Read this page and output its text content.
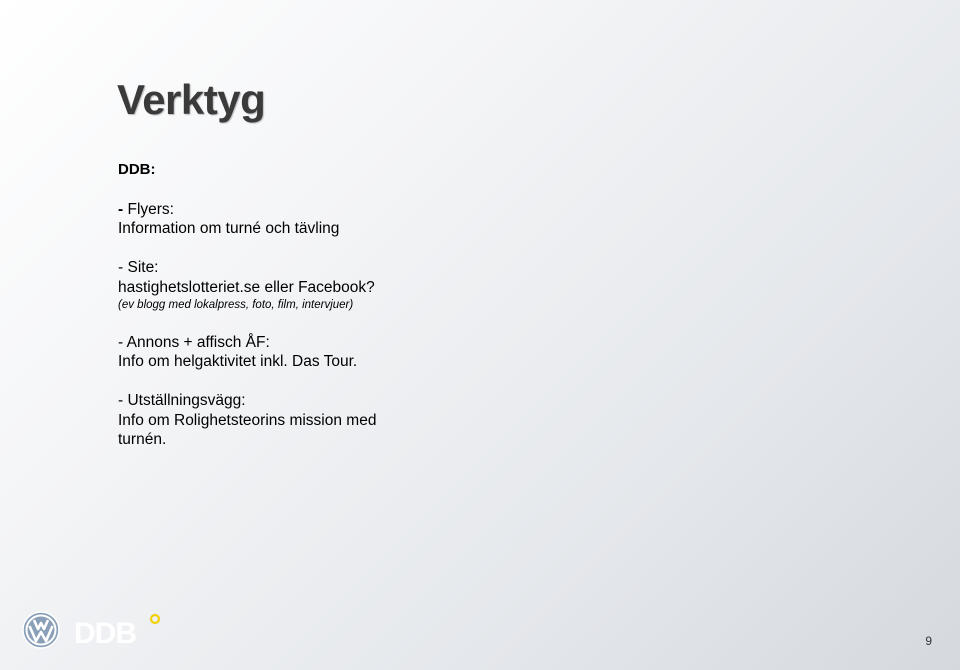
Verktyg
DDB:
- Flyers:
Information om turné och tävling
- Site:
hastighetslotteriet.se eller Facebook?
(ev blogg med lokalpress, foto, film, intervjuer)
- Annons + affisch ÅF:
Info om helgaktivitet inkl. Das Tour.
- Utställningsvägg:
Info om Rolighetsteorins mission med
turnén.
DDB	9
